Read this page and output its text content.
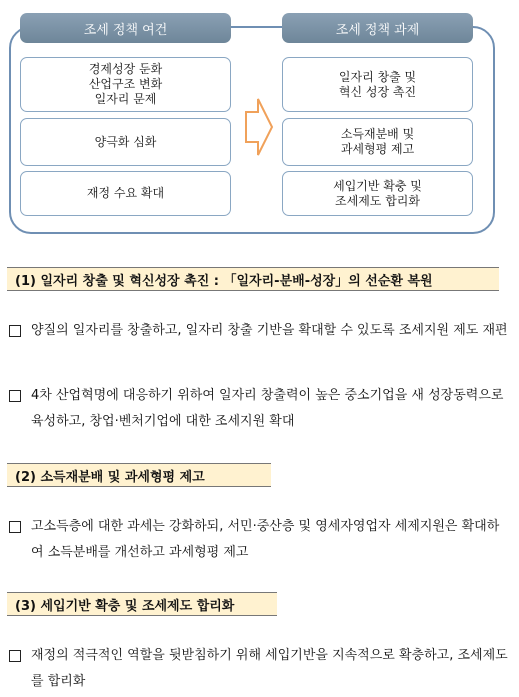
조세 정책 여건	조세 정책 과제
경제성장 둔화
산업구조 변화
일자리 문제
양극화 심화
재정 수요 확대
일자리 창출 및
혁신 성장 촉진
소득재분배 및
과세형평 제고
세입기반 확충 및
조세제도 합리화
(1) 일자리 창출 및 혁신성장 촉진 : 「일자리-분배-성장」의 선순환 복원
양질의 일자리를 창출하고, 일자리 창출 기반을 확대할 수 있도록 조세지원 제도 재편
4차 산업혁명에 대응하기 위하여 일자리 창출력이 높은 중소기업을 새 성장동력으로 육성하고, 창업·벤처기업에 대한 조세지원 확대
(2) 소득재분배 및 과세형평 제고
고소득층에 대한 과세는 강화하되, 서민·중산층 및 영세자영업자 세제지원은 확대하여 소득분배를 개선하고 과세형평 제고
(3) 세입기반 확충 및 조세제도 합리화
재정의 적극적인 역할을 뒷받침하기 위해 세입기반을 지속적으로 확충하고, 조세제도를 합리화
